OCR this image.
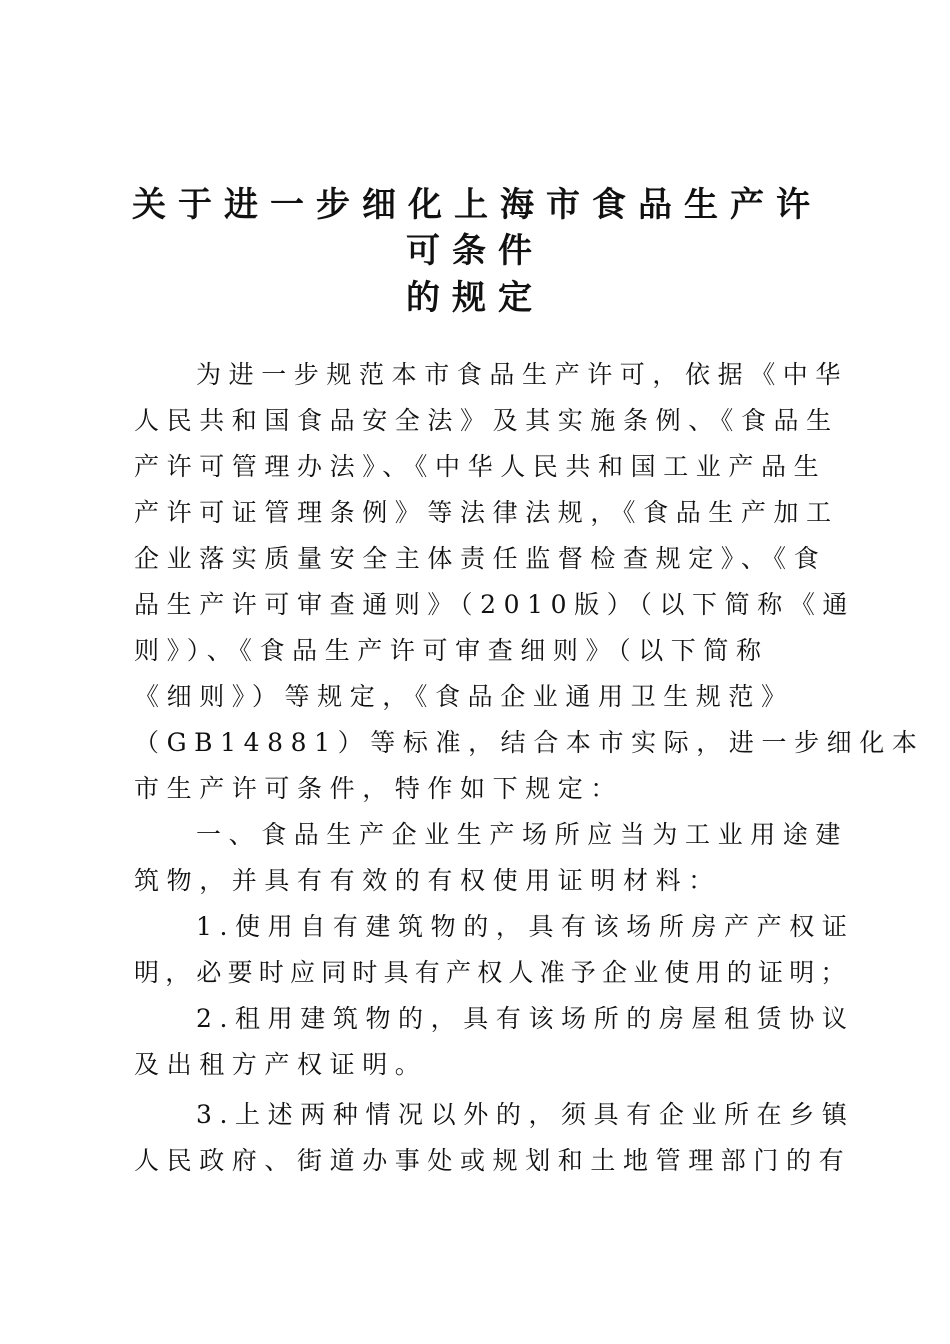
关于进一步细化上海市食品生产许
可条件
的规定
为进一步规范本市食品生产许可，依据《中华
人民共和国食品安全法》及其实施条例、《食品生
产许可管理办法》、《中华人民共和国工业产品生
产许可证管理条例》等法律法规，《食品生产加工
企业落实质量安全主体责任监督检查规定》、《食
品生产许可审查通则》（2010版）（以下简称《通
则》）、《食品生产许可审查细则》（以下简称
《细则》）等规定，《食品企业通用卫生规范》
（GB14881）等标准，结合本市实际，进一步细化本
市生产许可条件，特作如下规定：
一、食品生产企业生产场所应当为工业用途建
筑物，并具有有效的有权使用证明材料：
1.使用自有建筑物的，具有该场所房产产权证
明，必要时应同时具有产权人准予企业使用的证明；
2.租用建筑物的，具有该场所的房屋租赁协议
及出租方产权证明。
3.上述两种情况以外的，须具有企业所在乡镇
人民政府、街道办事处或规划和土地管理部门的有
